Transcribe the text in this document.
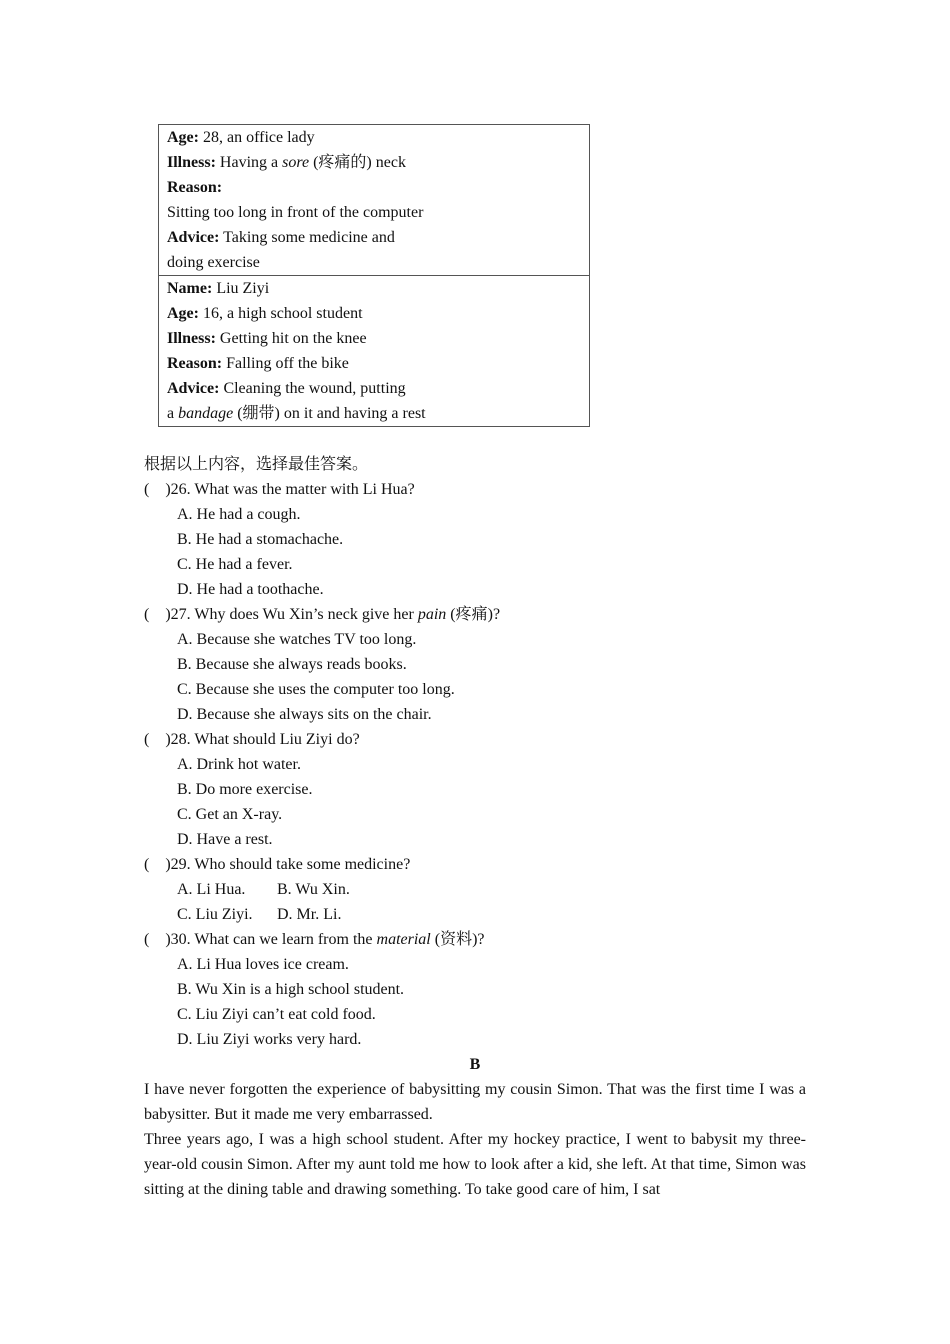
Age: 28, an office lady
Illness: Having a sore (疼痛的) neck
Reason:
Sitting too long in front of the computer
Advice: Taking some medicine and
doing exercise
Name: Liu Ziyi
Age: 16, a high school student
Illness: Getting hit on the knee
Reason: Falling off the bike
Advice: Cleaning the wound, putting
a bandage (绷带) on it and having a rest
根据以上内容，选择最佳答案。
(　)26. What was the matter with Li Hua?
A. He had a cough.
B. He had a stomachache.
C. He had a fever.
D. He had a toothache.
(　)27. Why does Wu Xin’s neck give her pain (疼痛)?
A. Because she watches TV too long.
B. Because she always reads books.
C. Because she uses the computer too long.
D. Because she always sits on the chair.
(　)28. What should Liu Ziyi do?
A. Drink hot water.
B. Do more exercise.
C. Get an X-ray.
D. Have a rest.
(　)29. Who should take some medicine?
A. Li Hua. B. Wu Xin.
C. Liu Ziyi. D. Mr. Li.
(　)30. What can we learn from the material (资料)?
A. Li Hua loves ice cream.
B. Wu Xin is a high school student.
C. Liu Ziyi can’t eat cold food.
D. Liu Ziyi works very hard.
B
I have never forgotten the experience of babysitting my cousin Simon. That was the first time I was a babysitter. But it made me very embarrassed.
Three years ago, I was a high school student. After my hockey practice, I went to babysit my three-year-old cousin Simon. After my aunt told me how to look after a kid, she left. At that time, Simon was sitting at the dining table and drawing something. To take good care of him, I sat
